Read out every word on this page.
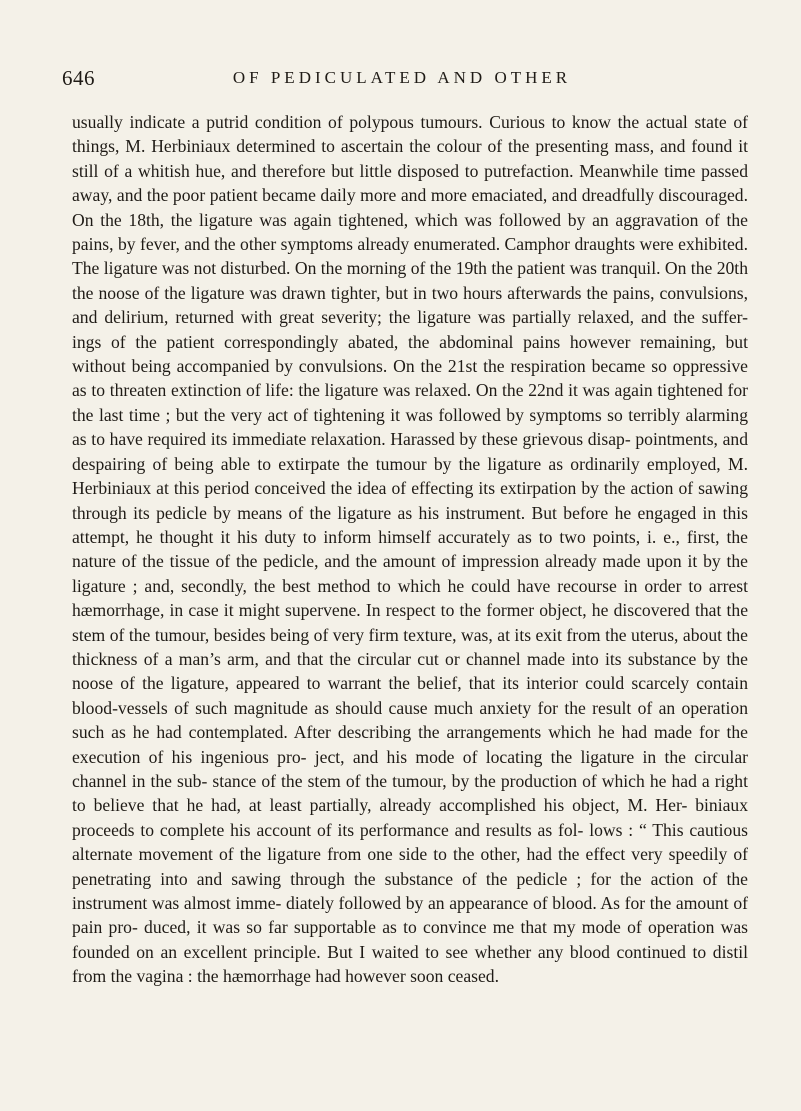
646	OF PEDICULATED AND OTHER

usually indicate a putrid condition of polypous tumours. Curious to know the actual state of things, M. Herbiniaux determined to ascertain the colour of the presenting mass, and found it still of a whitish hue, and therefore but little disposed to putrefaction. Meanwhile time passed away, and the poor patient became daily more and more emaciated, and dreadfully discouraged. On the 18th, the ligature was again tightened, which was followed by an aggravation of the pains, by fever, and the other symptoms already enumerated. Camphor draughts were exhibited. The ligature was not disturbed. On the morning of the 19th the patient was tranquil. On the 20th the noose of the ligature was drawn tighter, but in two hours afterwards the pains, convulsions, and delirium, returned with great severity; the ligature was partially relaxed, and the suffer- ings of the patient correspondingly abated, the abdominal pains however remaining, but without being accompanied by convulsions. On the 21st the respiration became so oppressive as to threaten extinction of life: the ligature was relaxed. On the 22nd it was again tightened for the last time ; but the very act of tightening it was followed by symptoms so terribly alarming as to have required its immediate relaxation. Harassed by these grievous disap- pointments, and despairing of being able to extirpate the tumour by the ligature as ordinarily employed, M. Herbiniaux at this period conceived the idea of effecting its extirpation by the action of sawing through its pedicle by means of the ligature as his instrument. But before he engaged in this attempt, he thought it his duty to inform himself accurately as to two points, i. e., first, the nature of the tissue of the pedicle, and the amount of impression already made upon it by the ligature ; and, secondly, the best method to which he could have recourse in order to arrest hæmorrhage, in case it might supervene. In respect to the former object, he discovered that the stem of the tumour, besides being of very firm texture, was, at its exit from the uterus, about the thickness of a man’s arm, and that the circular cut or channel made into its substance by the noose of the ligature, appeared to warrant the belief, that its interior could scarcely contain blood-vessels of such magnitude as should cause much anxiety for the result of an operation such as he had contemplated. After describing the arrangements which he had made for the execution of his ingenious pro- ject, and his mode of locating the ligature in the circular channel in the sub- stance of the stem of the tumour, by the production of which he had a right to believe that he had, at least partially, already accomplished his object, M. Her- biniaux proceeds to complete his account of its performance and results as fol- lows : “ This cautious alternate movement of the ligature from one side to the other, had the effect very speedily of penetrating into and sawing through the substance of the pedicle ; for the action of the instrument was almost imme- diately followed by an appearance of blood. As for the amount of pain pro- duced, it was so far supportable as to convince me that my mode of operation was founded on an excellent principle. But I waited to see whether any blood continued to distil from the vagina : the hæmorrhage had however soon ceased.
